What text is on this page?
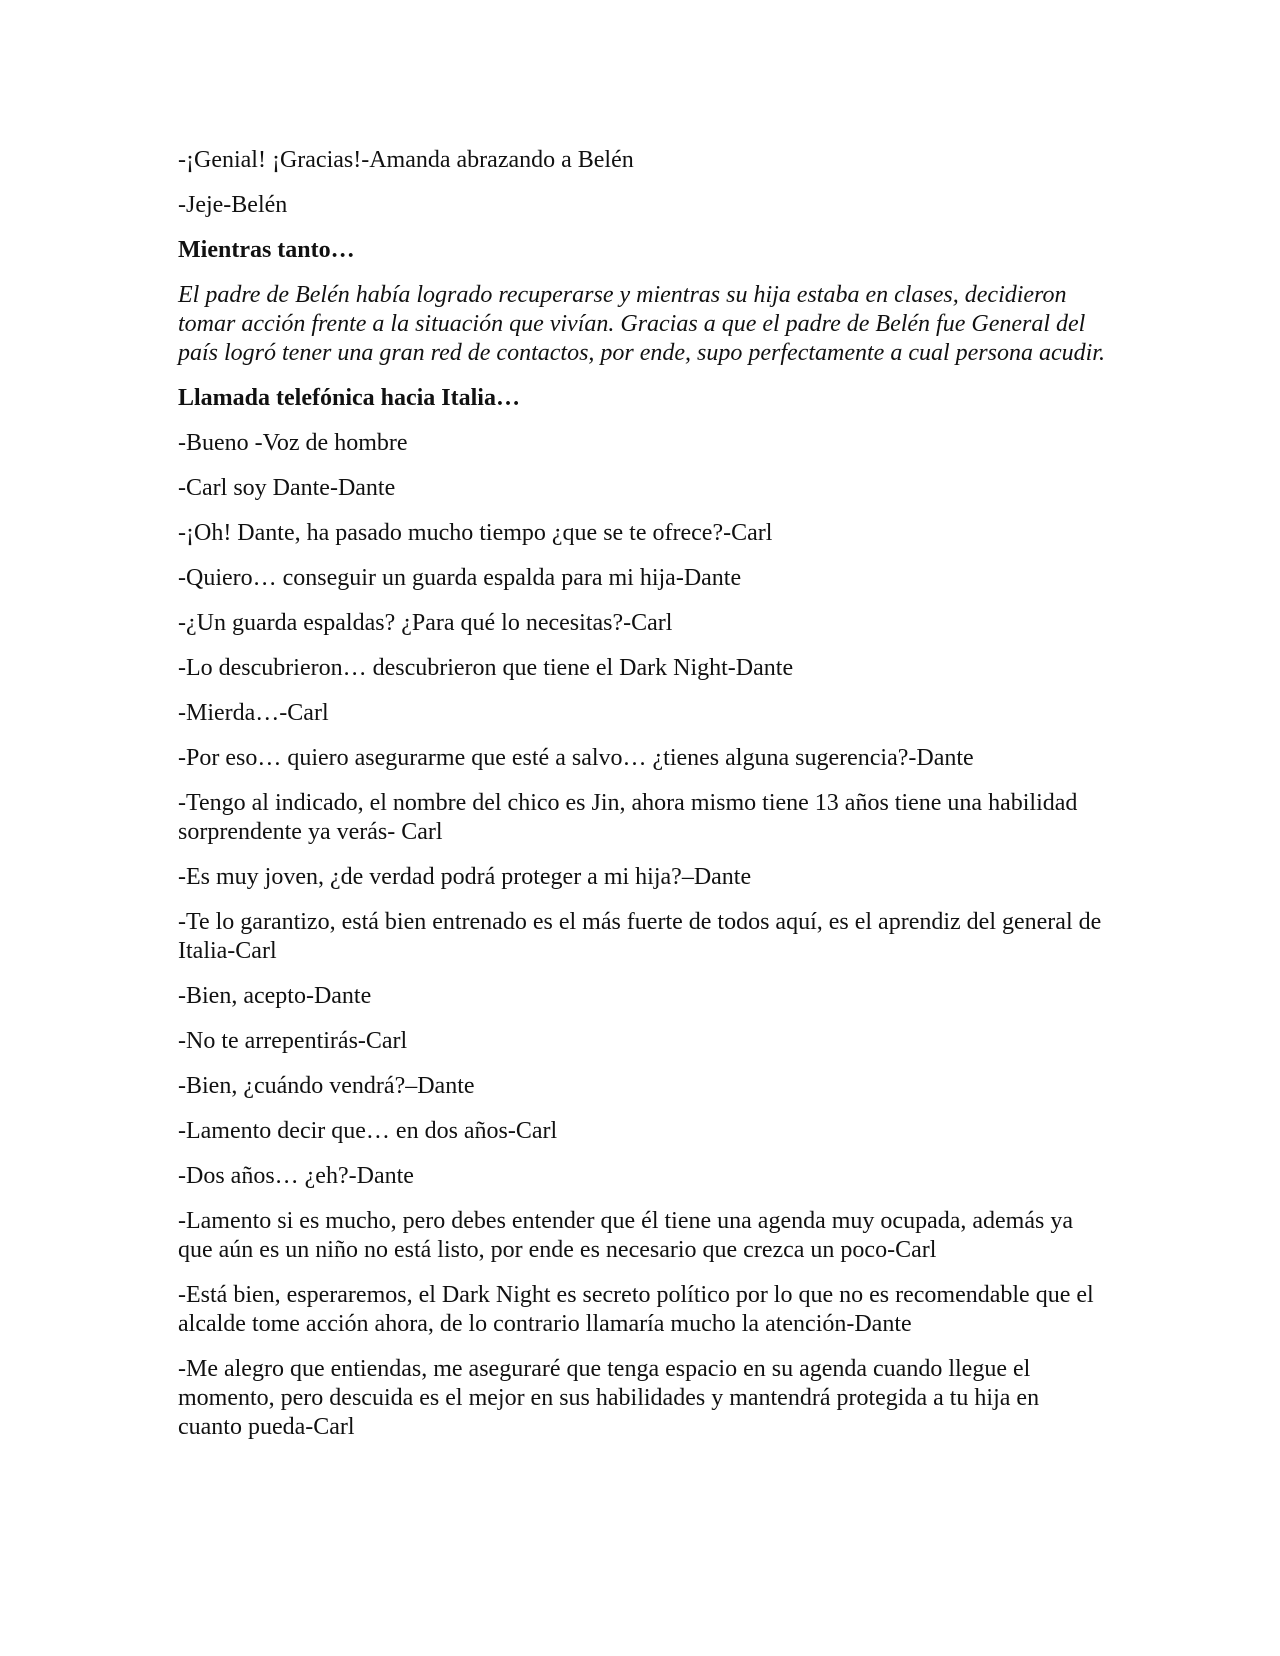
-¡Genial! ¡Gracias!-Amanda abrazando a Belén

-Jeje-Belén

Mientras tanto…

El padre de Belén había logrado recuperarse y mientras su hija estaba en clases, decidieron tomar acción frente a la situación que vivían. Gracias a que el padre de Belén fue General del país logró tener una gran red de contactos, por ende, supo perfectamente a cual persona acudir.

Llamada telefónica hacia Italia…

-Bueno -Voz de hombre

-Carl soy Dante-Dante

-¡Oh! Dante, ha pasado mucho tiempo ¿que se te ofrece?-Carl

-Quiero… conseguir un guarda espalda para mi hija-Dante

-¿Un guarda espaldas? ¿Para qué lo necesitas?-Carl

-Lo descubrieron… descubrieron que tiene el Dark Night-Dante

-Mierda…-Carl

-Por eso… quiero asegurarme que esté a salvo… ¿tienes alguna sugerencia?-Dante

-Tengo al indicado, el nombre del chico es Jin, ahora mismo tiene 13 años tiene una habilidad sorprendente ya verás- Carl

-Es muy joven, ¿de verdad podrá proteger a mi hija?–Dante

-Te lo garantizo, está bien entrenado es el más fuerte de todos aquí, es el aprendiz del general de Italia-Carl

-Bien, acepto-Dante

-No te arrepentirás-Carl

-Bien, ¿cuándo vendrá?–Dante

-Lamento decir que… en dos años-Carl

-Dos años… ¿eh?-Dante

-Lamento si es mucho, pero debes entender que él tiene una agenda muy ocupada, además ya que aún es un niño no está listo, por ende es necesario que crezca un poco-Carl

-Está bien, esperaremos, el Dark Night es secreto político por lo que no es recomendable que el alcalde tome acción ahora, de lo contrario llamaría mucho la atención-Dante

-Me alegro que entiendas, me aseguraré que tenga espacio en su agenda cuando llegue el momento, pero descuida es el mejor en sus habilidades y mantendrá protegida a tu hija en cuanto pueda-Carl
